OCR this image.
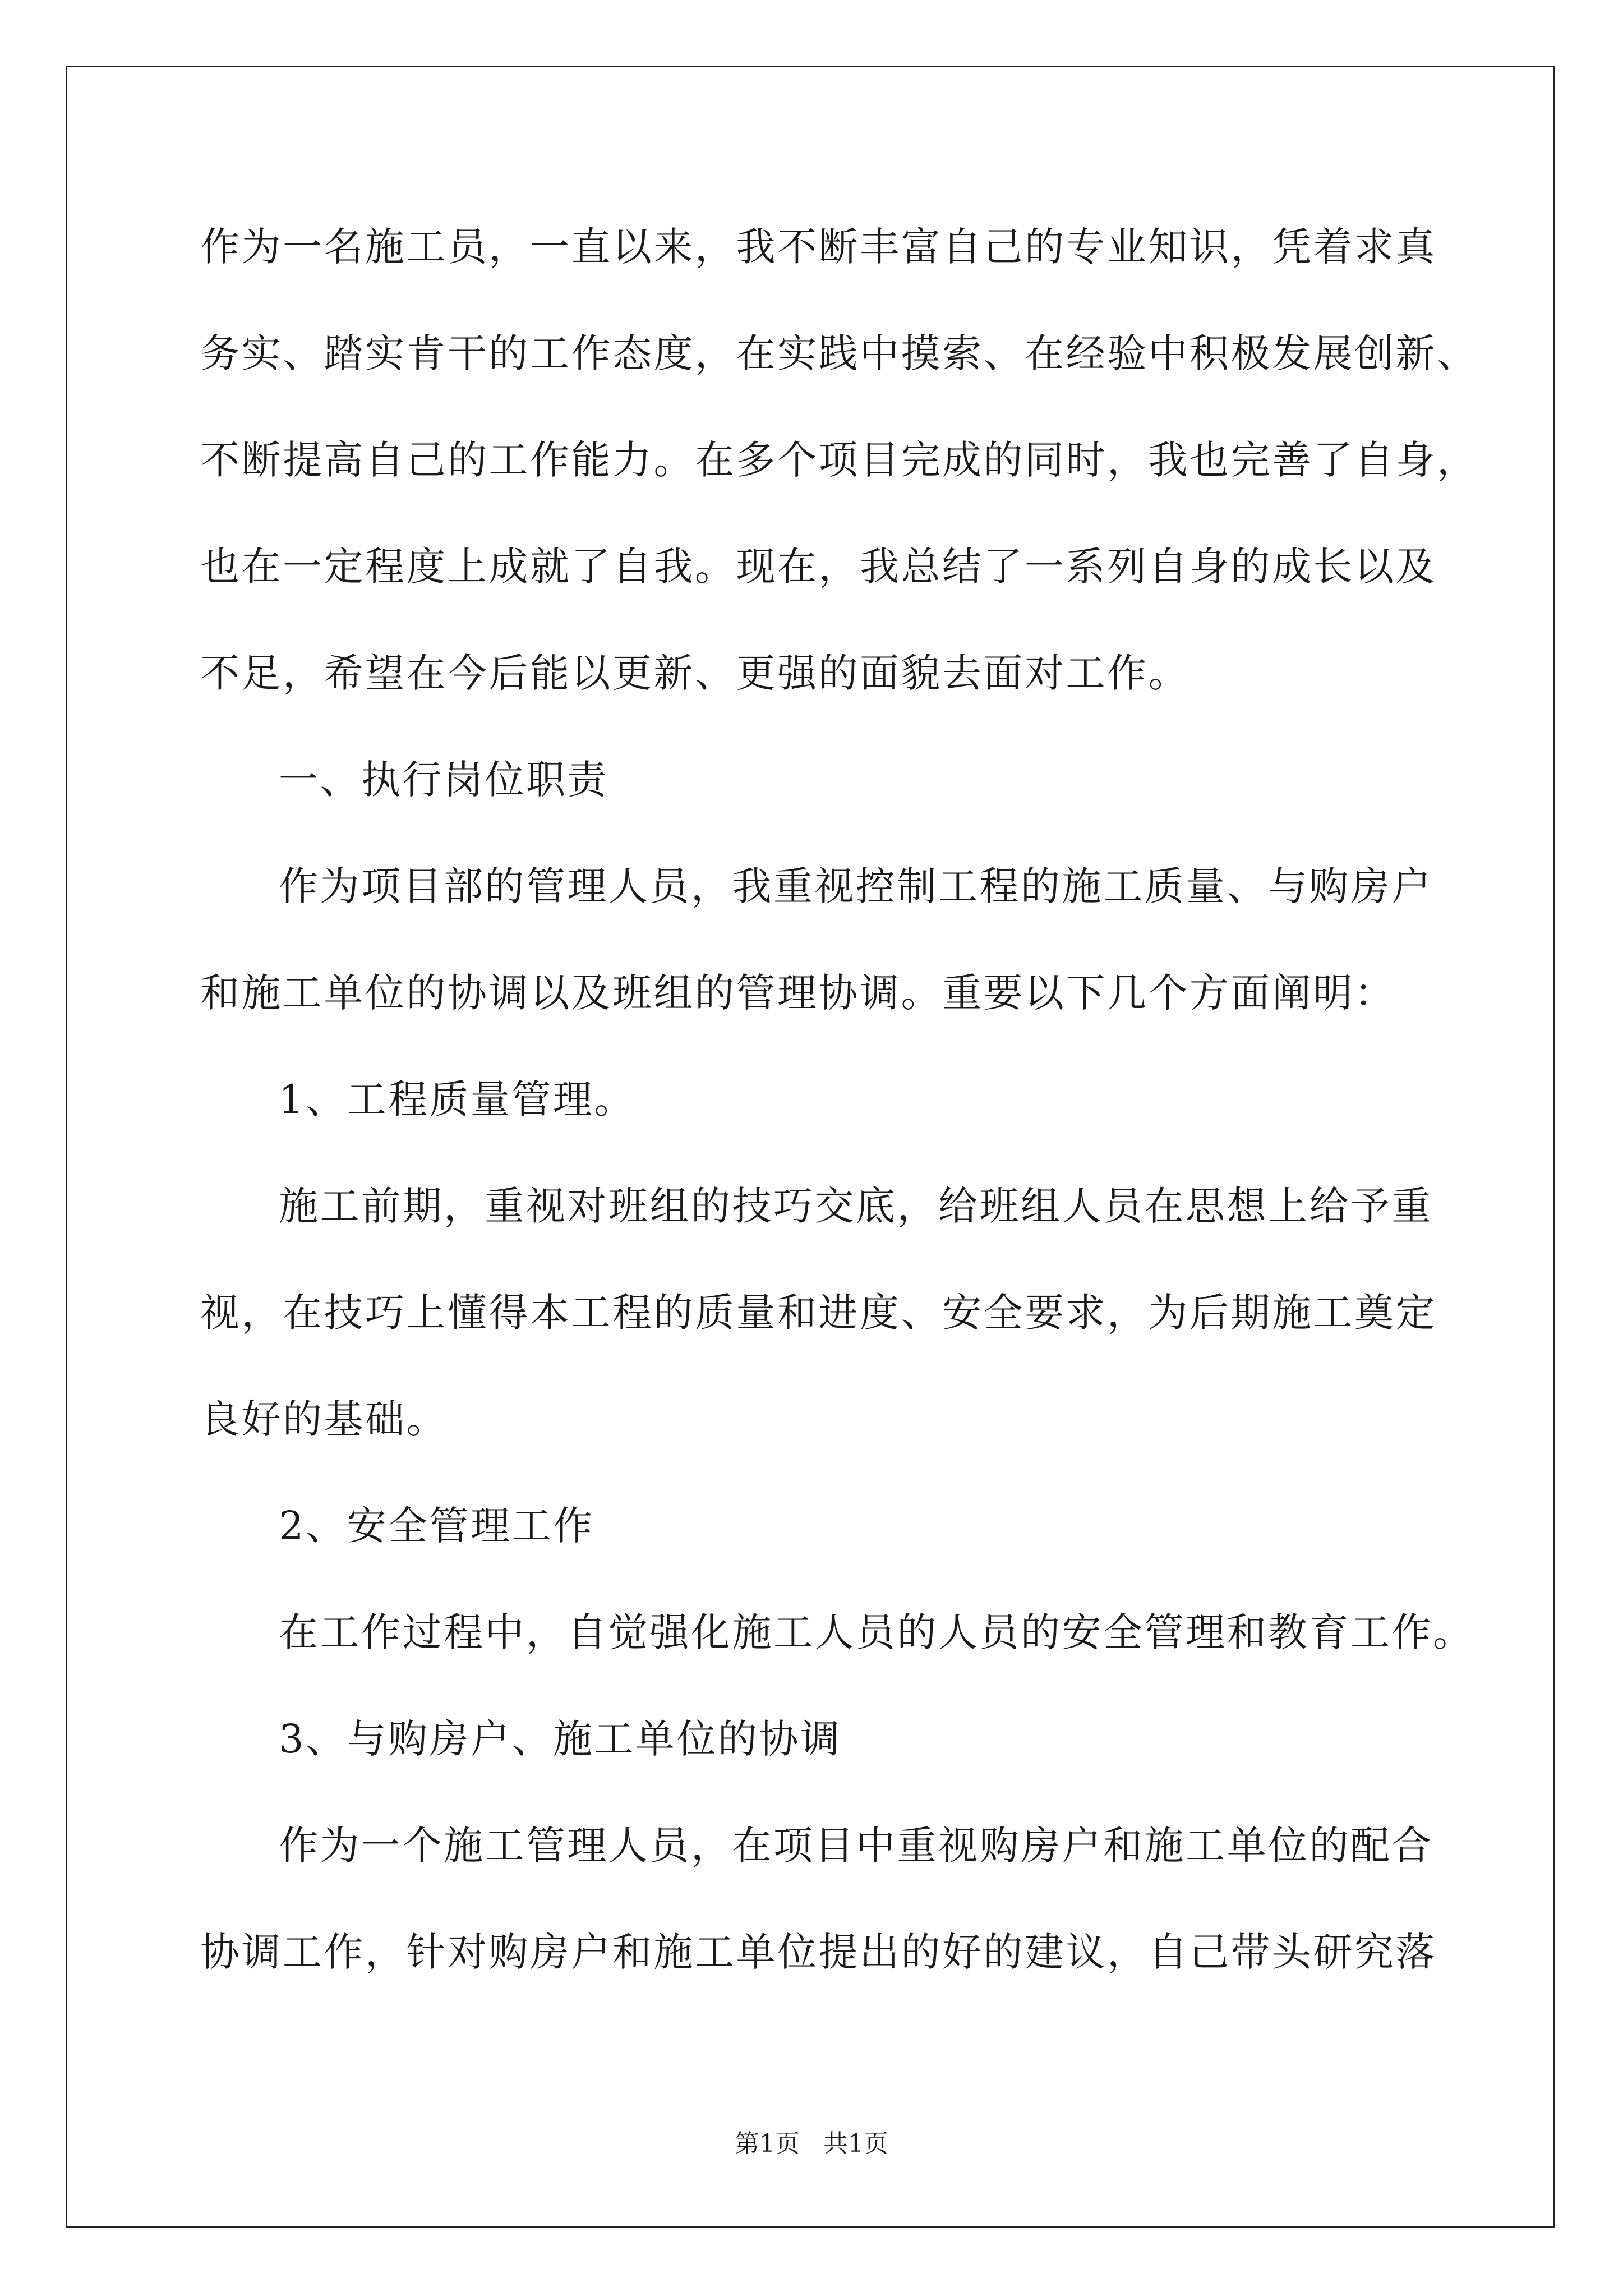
作为一名施工员，一直以来，我不断丰富自己的专业知识，凭着求真
务实、踏实肯干的工作态度，在实践中摸索、在经验中积极发展创新、
不断提高自己的工作能力。在多个项目完成的同时，我也完善了自身，
也在一定程度上成就了自我。现在，我总结了一系列自身的成长以及
不足，希望在今后能以更新、更强的面貌去面对工作。
一、执行岗位职责
作为项目部的管理人员，我重视控制工程的施工质量、与购房户
和施工单位的协调以及班组的管理协调。重要以下几个方面阐明：
1、工程质量管理。
施工前期，重视对班组的技巧交底，给班组人员在思想上给予重
视，在技巧上懂得本工程的质量和进度、安全要求，为后期施工奠定
良好的基础。
2、安全管理工作
在工作过程中，自觉强化施工人员的人员的安全管理和教育工作。
3、与购房户、施工单位的协调
作为一个施工管理人员，在项目中重视购房户和施工单位的配合
协调工作，针对购房户和施工单位提出的好的建议，自己带头研究落
第1页   共1页
